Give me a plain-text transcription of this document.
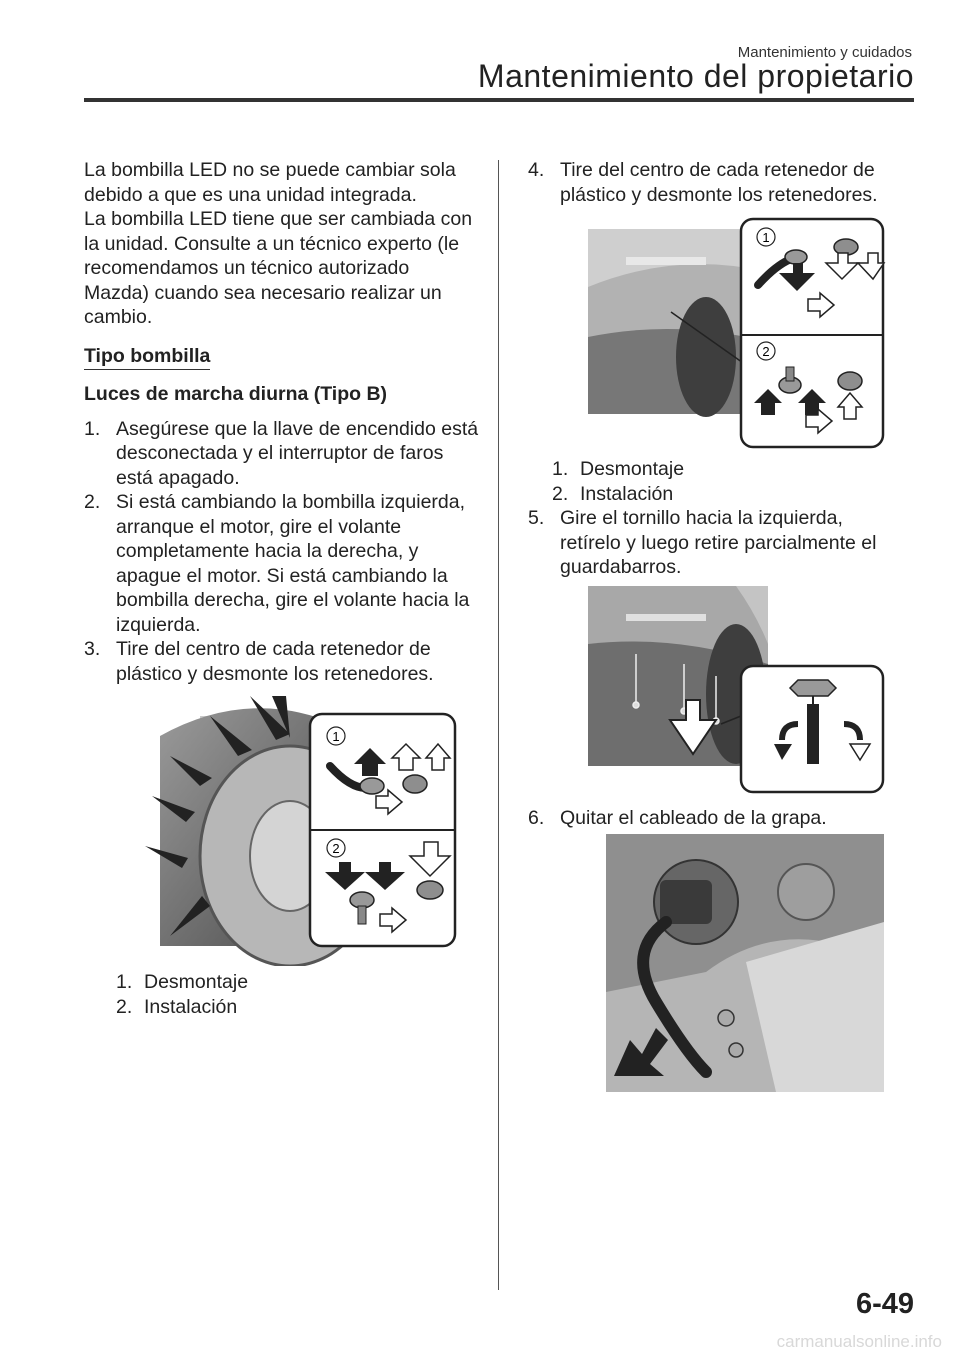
Mantenimiento y cuidados
Mantenimiento del propietario

La bombilla LED no se puede cambiar sola debido a que es una unidad integrada.

La bombilla LED tiene que ser cambiada con la unidad. Consulte a un técnico experto (le recomendamos un técnico autorizado Mazda) cuando sea necesario realizar un cambio.

Tipo bombilla

Luces de marcha diurna (Tipo B)

1. Asegúrese que la llave de encendido está desconectada y el interruptor de faros está apagado.
2. Si está cambiando la bombilla izquierda, arranque el motor, gire el volante completamente hacia la derecha, y apague el motor. Si está cambiando la bombilla derecha, gire el volante hacia la izquierda.
3. Tire del centro de cada retenedor de plástico y desmonte los retenedores.
1
2
1. Desmontaje
2. Instalación
4. Tire del centro de cada retenedor de plástico y desmonte los retenedores.
1
2
1. Desmontaje
2. Instalación
5. Gire el tornillo hacia la izquierda, retírelo y luego retire parcialmente el guardabarros.
6. Quitar el cableado de la grapa.
6-49
carmanualsonline.info
